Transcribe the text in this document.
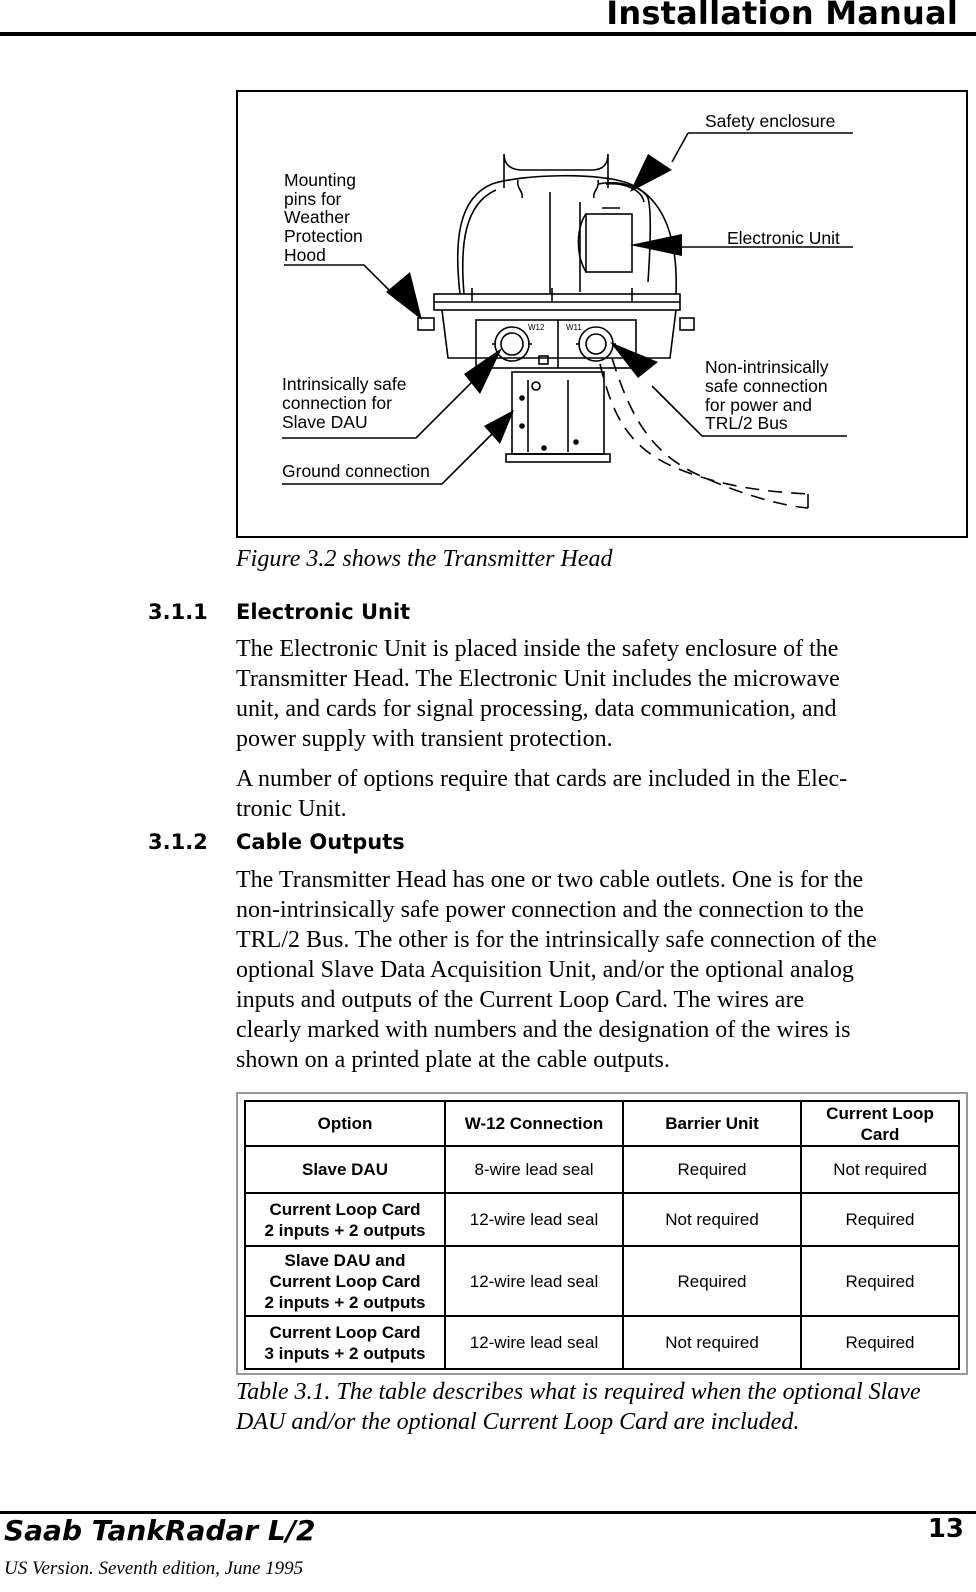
Installation Manual
Safety enclosure
Electronic Unit
Mounting
pins for
Weather
Protection
Hood
Intrinsically safe
connection for
Slave DAU
Ground connection
Non-intrinsically
safe connection
for power and
TRL/2 Bus
W12	W11
Figure 3.2 shows the Transmitter Head
3.1.1 Electronic Unit
The Electronic Unit is placed inside the safety enclosure of the
Transmitter Head. The Electronic Unit includes the microwave
unit, and cards for signal processing, data communication, and
power supply with transient protection.
A number of options require that cards are included in the Elec-
tronic Unit.
3.1.2 Cable Outputs
The Transmitter Head has one or two cable outlets. One is for the
non-intrinsically safe power connection and the connection to the
TRL/2 Bus. The other is for the intrinsically safe connection of the
optional Slave Data Acquisition Unit, and/or the optional analog
inputs and outputs of the Current Loop Card. The wires are
clearly marked with numbers and the designation of the wires is
shown on a printed plate at the cable outputs.
Option	W-12 Connection	Barrier Unit	Current Loop Card

Slave DAU	8-wire lead seal	Required	Not required

Current Loop Card
2 inputs + 2 outputs	12-wire lead seal	Not required	Required

Slave DAU and
Current Loop Card
2 inputs + 2 outputs	12-wire lead seal	Required	Required

Current Loop Card
3 inputs + 2 outputs	12-wire lead seal	Not required	Required
Table 3.1. The table describes what is required when the optional Slave
DAU and/or the optional Current Loop Card are included.
Saab TankRadar L/2	13
US Version. Seventh edition, June 1995
